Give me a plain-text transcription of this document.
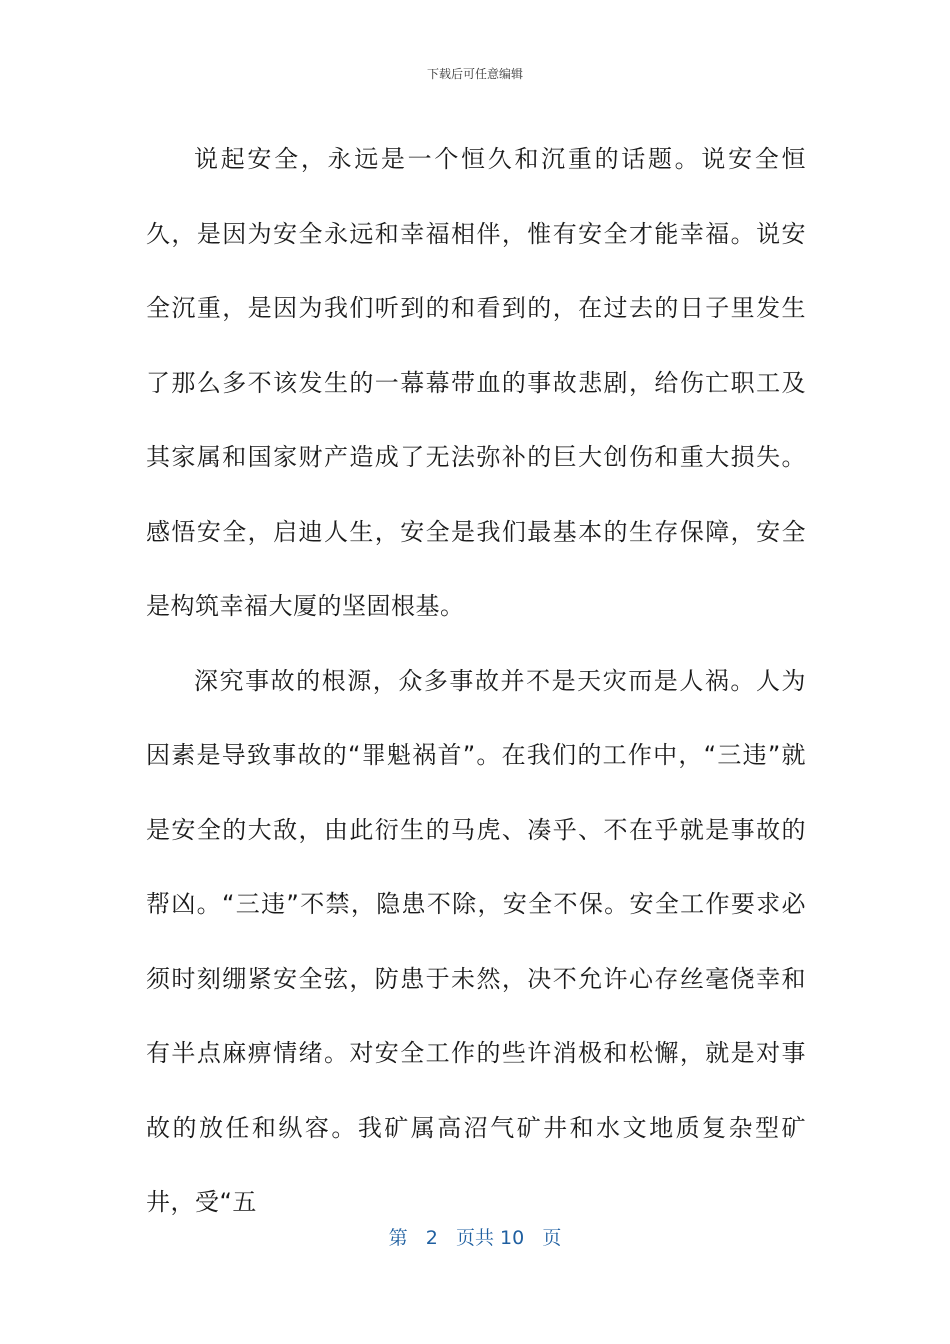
下载后可任意编辑

说起安全，永远是一个恒久和沉重的话题。说安全恒久，是因为安全永远和幸福相伴，惟有安全才能幸福。说安全沉重，是因为我们听到的和看到的，在过去的日子里发生了那么多不该发生的一幕幕带血的事故悲剧，给伤亡职工及其家属和国家财产造成了无法弥补的巨大创伤和重大损失。感悟安全，启迪人生，安全是我们最基本的生存保障，安全是构筑幸福大厦的坚固根基。

深究事故的根源，众多事故并不是天灾而是人祸。人为因素是导致事故的“罪魁祸首”。在我们的工作中，“三违”就是安全的大敌，由此衍生的马虎、凑乎、不在乎就是事故的帮凶。“三违”不禁，隐患不除，安全不保。安全工作要求必须时刻绷紧安全弦，防患于未然，决不允许心存丝毫侥幸和有半点麻痹情绪。对安全工作的些许消极和松懈，就是对事故的放任和纵容。我矿属高沼气矿井和水文地质复杂型矿井，受“五

第 2 页共 10 页
